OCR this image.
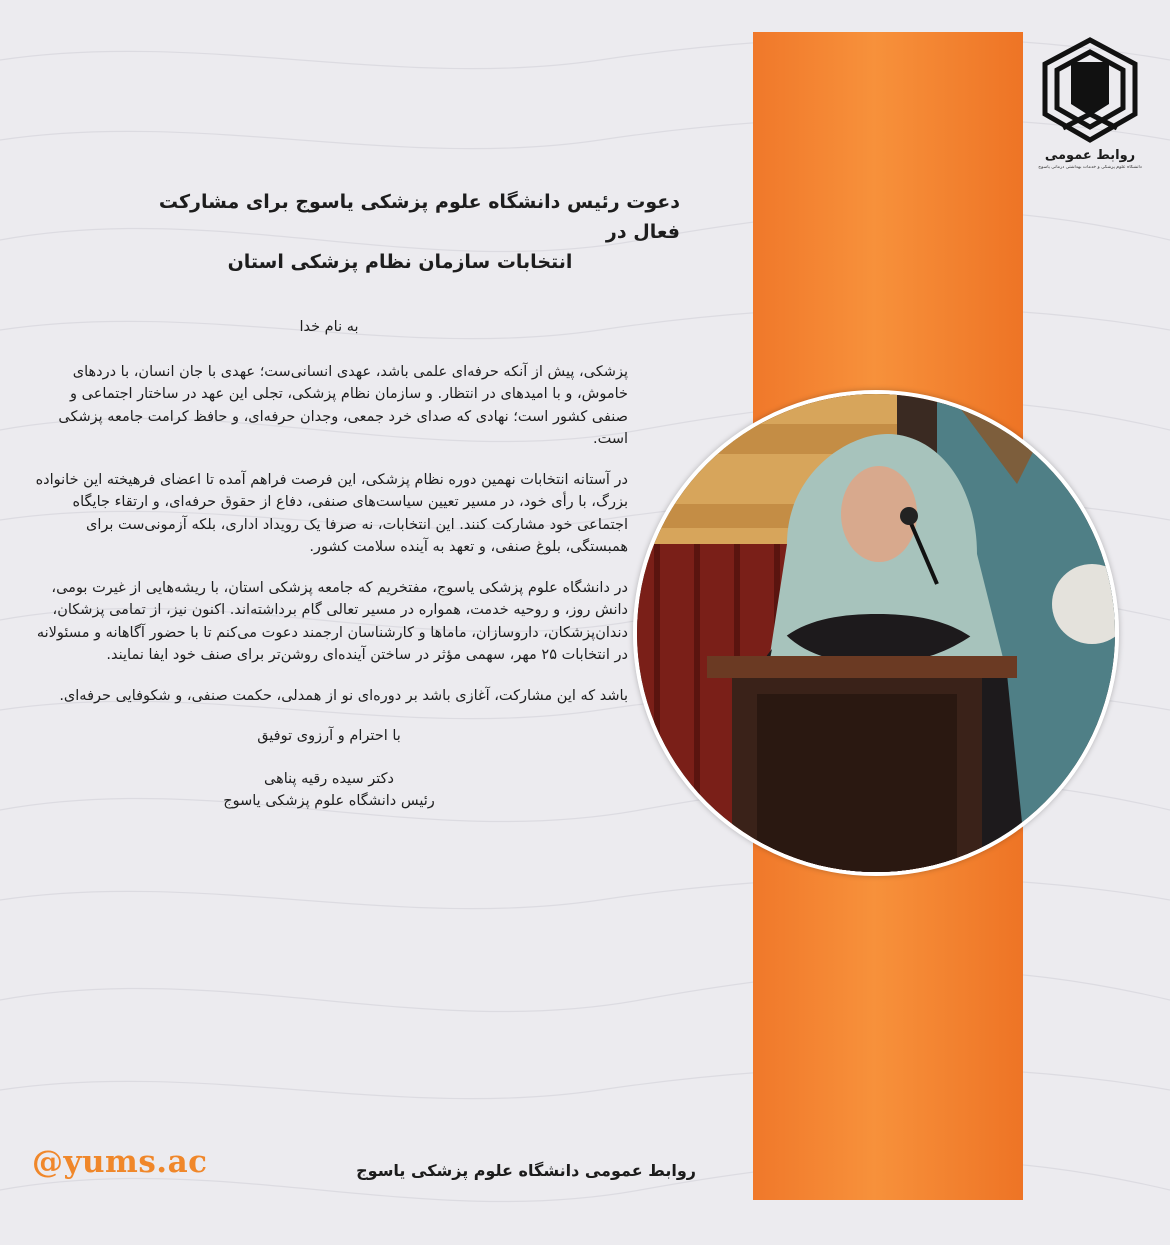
روابط عمومی
دانشگاه علوم پزشکی و خدمات بهداشتی درمانی یاسوج
دعوت رئیس دانشگاه علوم پزشکی یاسوج برای مشارکت فعال در
انتخابات سازمان نظام پزشکی استان

به نام خدا

پزشکی، پیش از آنکه حرفه‌ای علمی باشد، عهدی انسانی‌ست؛ عهدی با جان انسان، با دردهای خاموش، و با امیدهای در انتظار. و سازمان نظام پزشکی، تجلی این عهد در ساختار اجتماعی و صنفی کشور است؛ نهادی که صدای خرد جمعی، وجدان حرفه‌ای، و حافظ کرامت جامعه پزشکی است.

در آستانه انتخابات نهمین دوره نظام پزشکی، این فرصت فراهم آمده تا اعضای فرهیخته این خانواده بزرگ، با رأی خود، در مسیر تعیین سیاست‌های صنفی، دفاع از حقوق حرفه‌ای، و ارتقاء جایگاه اجتماعی خود مشارکت کنند. این انتخابات، نه صرفا یک رویداد اداری، بلکه آزمونی‌ست برای همبستگی، بلوغ صنفی، و تعهد به آینده سلامت کشور.

در دانشگاه علوم پزشکی یاسوج، مفتخریم که جامعه پزشکی استان، با ریشه‌هایی از غیرت بومی، دانش روز، و روحیه خدمت، همواره در مسیر تعالی گام برداشته‌اند. اکنون نیز، از تمامی پزشکان، دندان‌پزشکان، داروسازان، ماماها و کارشناسان ارجمند دعوت می‌کنم تا با حضور آگاهانه و مسئولانه در انتخابات ۲۵ مهر، سهمی مؤثر در ساختن آینده‌ای روشن‌تر برای صنف خود ایفا نمایند.

باشد که این مشارکت، آغازی باشد بر دوره‌ای نو از همدلی، حکمت صنفی، و شکوفایی حرفه‌ای.

با احترام و آرزوی توفیق

دکتر سیده رقیه پناهی
رئیس دانشگاه علوم پزشکی یاسوج
@yums.ac	روابط عمومی دانشگاه علوم پزشکی یاسوج
